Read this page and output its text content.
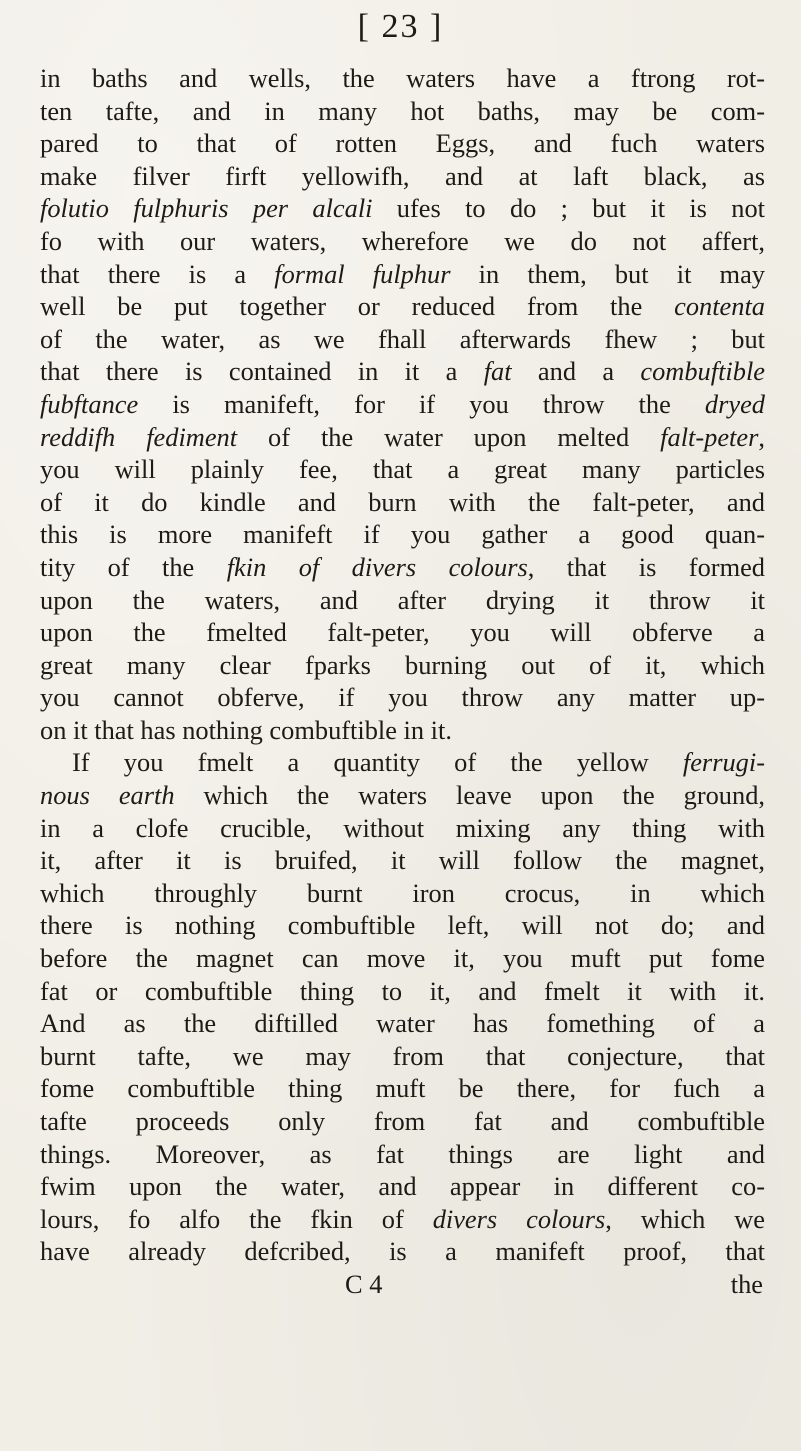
[ 23 ]
in baths and wells, the waters have a ftrong rot-
ten tafte, and in many hot baths, may be com-
pared to that of rotten Eggs, and fuch waters
make filver firft yellowifh, and at laft black, as
folutio fulphuris per alcali ufes to do ; but it is not
fo with our waters, wherefore we do not affert,
that there is a formal fulphur in them, but it may
well be put together or reduced from the contenta
of the water, as we fhall afterwards fhew ; but
that there is contained in it a fat and a combuftible
fubftance is manifeft, for if you throw the dryed
reddifh fediment of the water upon melted falt-peter,
you will plainly fee, that a great many particles
of it do kindle and burn with the falt-peter, and
this is more manifeft if you gather a good quan-
tity of the fkin of divers colours, that is formed
upon the waters, and after drying it throw it
upon the fmelted falt-peter, you will obferve a
great many clear fparks burning out of it, which
you cannot obferve, if you throw any matter up-
on it that has nothing combuftible in it.
If you fmelt a quantity of the yellow ferrugi-
nous earth which the waters leave upon the ground,
in a clofe crucible, without mixing any thing with
it, after it is bruifed, it will follow the magnet,
which throughly burnt iron crocus, in which
there is nothing combuftible left, will not do; and
before the magnet can move it, you muft put fome
fat or combuftible thing to it, and fmelt it with it.
And as the diftilled water has fomething of a
burnt tafte, we may from that conjecture, that
fome combuftible thing muft be there, for fuch a
tafte proceeds only from fat and combuftible
things. Moreover, as fat things are light and
fwim upon the water, and appear in different co-
lours, fo alfo the fkin of divers colours, which we
have already defcribed, is a manifeft proof, that
C 4	the
